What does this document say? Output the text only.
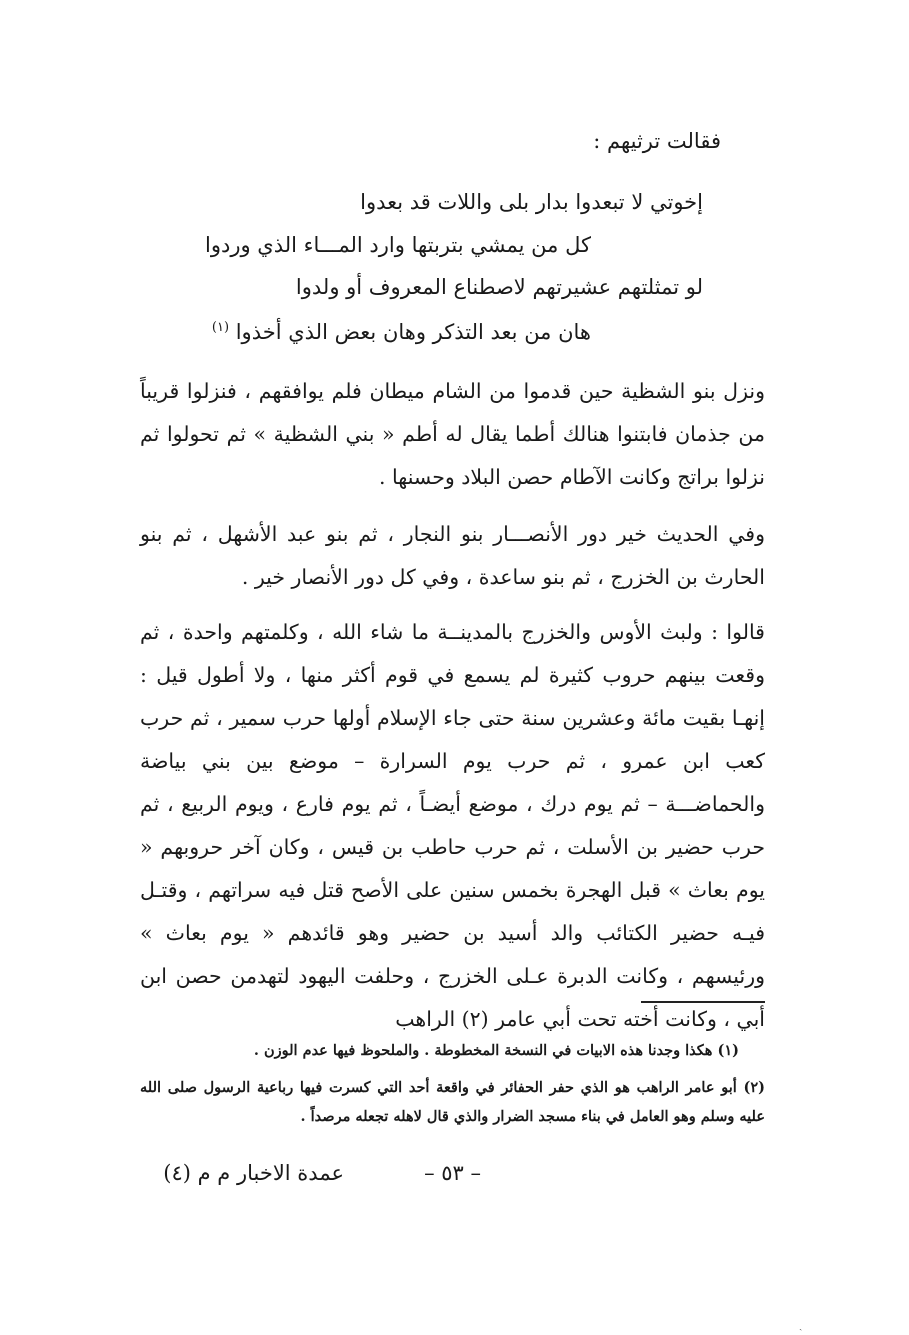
فقالت ترثيهم :
إخوتي لا تبعدوا بدار بلى واللات قد بعدوا
كل من يمشي بتربتها وارد المـــاء الذي وردوا
لو تمثلتهم عشيرتهم لاصطناع المعروف أو ولدوا
هان من بعد التذكر وهان بعض الذي أخذوا $^{(١)}$
ونزل بنو الشظية حين قدموا من الشام ميطان فلم يوافقهم ، فنزلوا قريباً من جذمان فابتنوا هنالك أطما يقال له أطم « بني الشظية » ثم تحولوا ثم نزلوا براتج وكانت الآطام حصن البلاد وحسنها .
وفي الحديث خير دور الأنصـــار بنو النجار ، ثم بنو عبد الأشهل ، ثم بنو الحارث بن الخزرج ، ثم بنو ساعدة ، وفي كل دور الأنصار خير .
قالوا : ولبث الأوس والخزرج بالمدينــة ما شاء الله ، وكلمتهم واحدة ، ثم وقعت بينهم حروب كثيرة لم يسمع في قوم أكثر منها ، ولا أطول قيل : إنهـا بقيت مائة وعشرين سنة حتى جاء الإسلام أولها حرب سمير ، ثم حرب كعب ابن عمرو ، ثم حرب يوم السرارة – موضع بين بني بياضة والحماضـــة – ثم يوم درك ، موضع أيضـاً ، ثم يوم فارع ، ويوم الربيع ، ثم حرب حضير بن الأسلت ، ثم حرب حاطب بن قيس ، وكان آخر حروبهم « يوم بعاث » قبل الهجرة بخمس سنين على الأصح قتل فيه سراتهم ، وقتـل فيـه حضير الكتائب والد أسيد بن حضير وهو قائدهم « يوم بعاث » ورئيسهم ، وكانت الدبرة عـلى الخزرج ، وحلفت اليهود لتهدمن حصن ابن أبي ، وكانت أخته تحت أبي عامر (٢) الراهب
(١) هكذا وجدنا هذه الابيات في النسخة المخطوطة . والملحوظ فيها عدم الوزن .
(٢) أبو عامر الراهب هو الذي حفر الحفائر في واقعة أحد التي كسرت فيها رباعية الرسول صلى الله عليه وسلم وهو العامل في بناء مسجد الضرار والذي قال لاهله تجعله مرصداً .
– ٥٣ –
عمدة الاخبار م م (٤)
ˎ
